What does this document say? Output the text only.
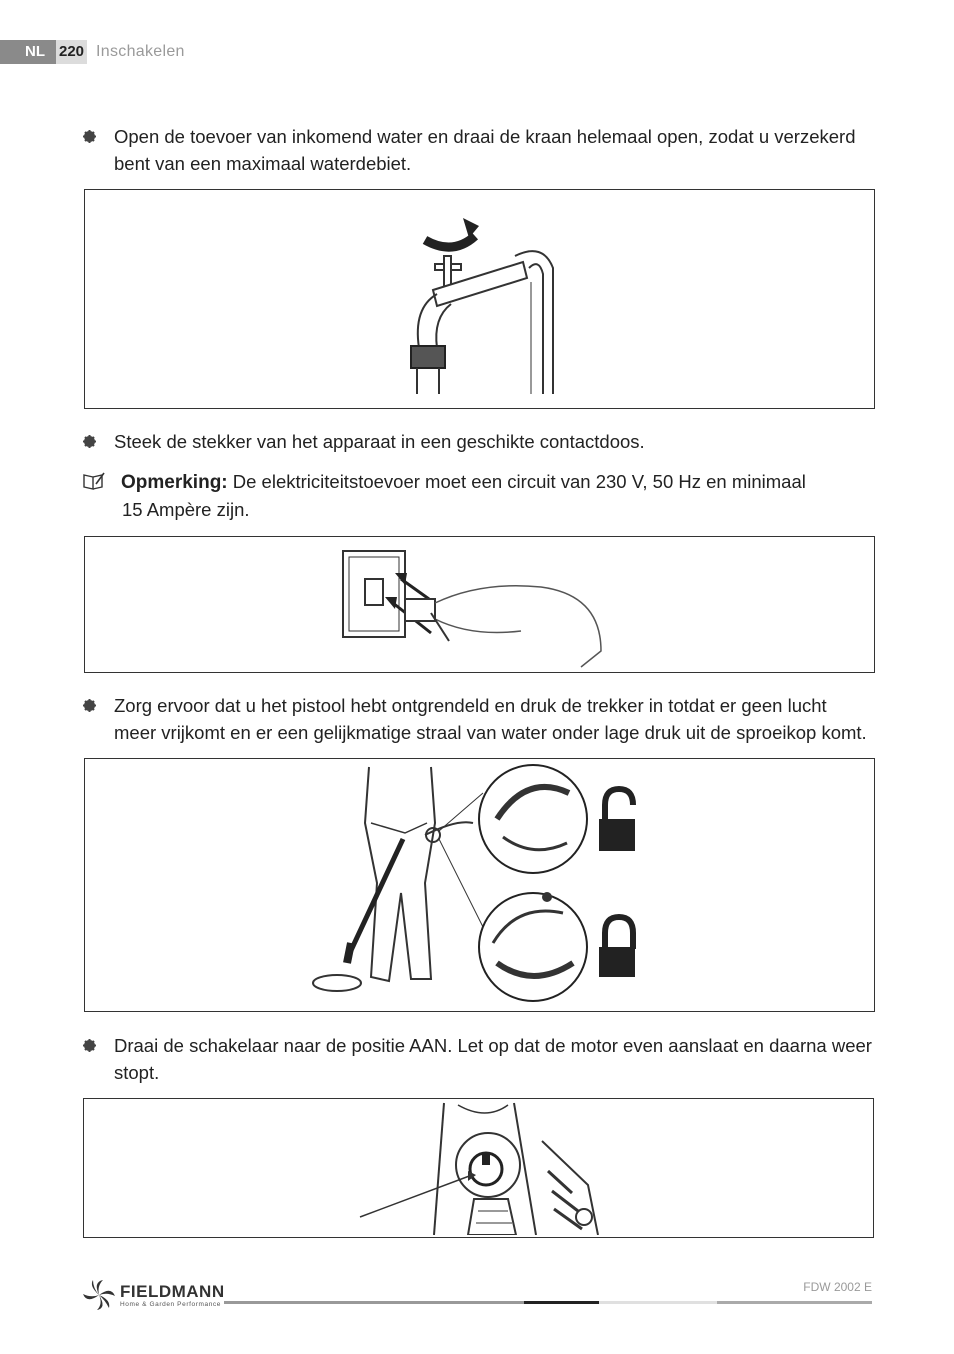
NL 220 Inschakelen
Open de toevoer van inkomend water en draai de kraan helemaal open, zodat u verzekerd bent van een maximaal waterdebiet.
Steek de stekker van het apparaat in een geschikte contactdoos.
Opmerking: De elektriciteitstoevoer moet een circuit van 230 V, 50 Hz en minimaal
15 Ampère zijn.
Zorg ervoor dat u het pistool hebt ontgrendeld en druk de trekker in totdat er geen lucht meer vrijkomt en er een gelijkmatige straal van water onder lage druk uit de sproeikop komt.
Draai de schakelaar naar de positie AAN. Let op dat de motor even aanslaat en daarna weer stopt.
FIELDMANN
Home & Garden Performance
FDW 2002 E
